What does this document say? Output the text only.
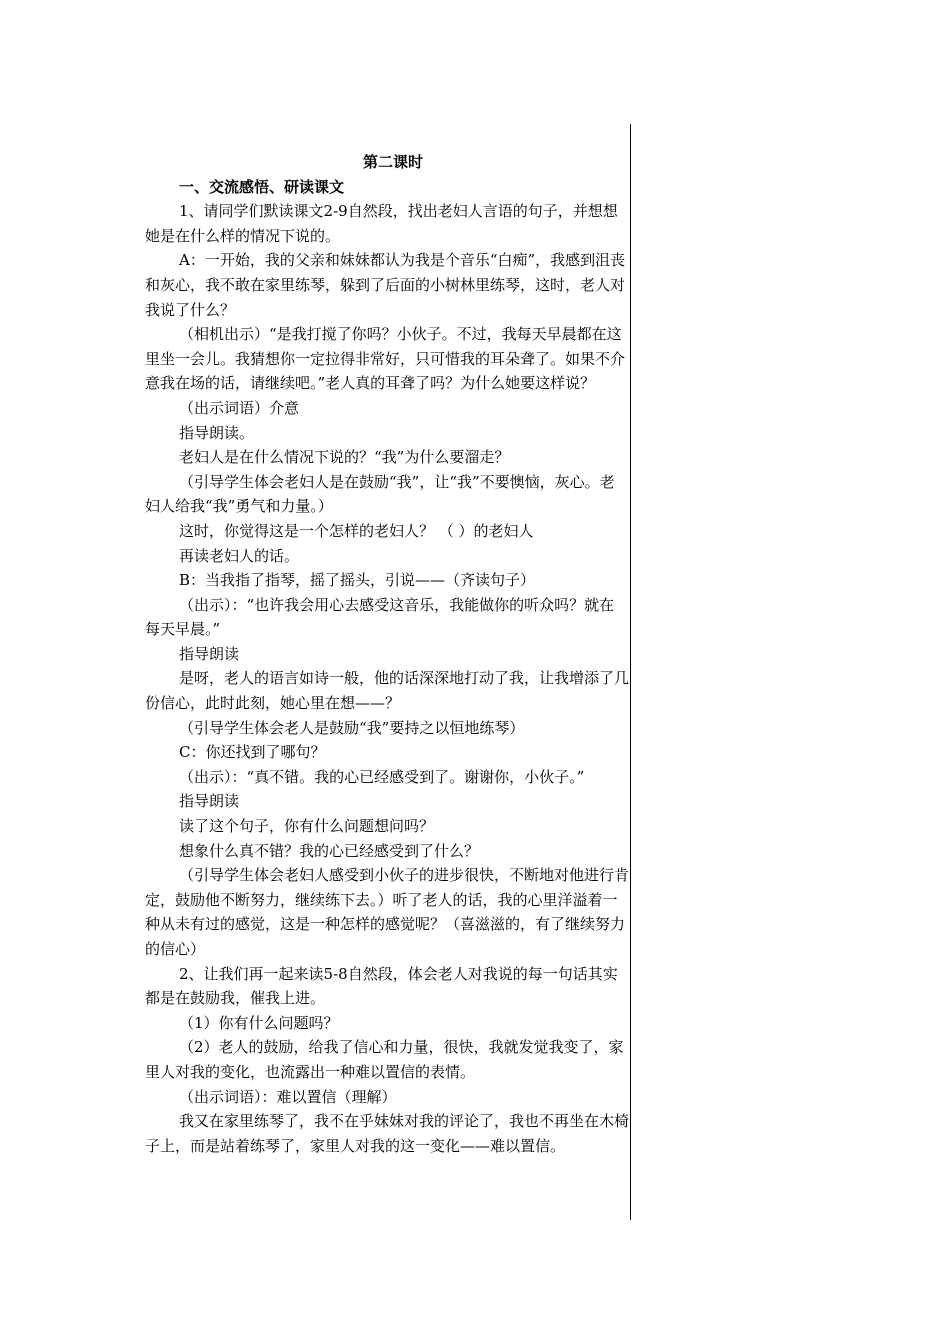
第二课时

一、交流感悟、研读课文

1、请同学们默读课文2-9自然段，找出老妇人言语的句子，并想想她是在什么样的情况下说的。

A：一开始，我的父亲和妹妹都认为我是个音乐“白痴”，我感到沮丧和灰心，我不敢在家里练琴，躲到了后面的小树林里练琴，这时，老人对我说了什么？

（相机出示）“是我打搅了你吗？小伙子。不过，我每天早晨都在这里坐一会儿。我猜想你一定拉得非常好，只可惜我的耳朵聋了。如果不介意我在场的话，请继续吧。”老人真的耳聋了吗？为什么她要这样说？

（出示词语）介意

指导朗读。

老妇人是在什么情况下说的？“我”为什么要溜走？

（引导学生体会老妇人是在鼓励“我”，让“我”不要懊恼，灰心。老妇人给我“我”勇气和力量。）

这时，你觉得这是一个怎样的老妇人？ （ ）的老妇人

再读老妇人的话。

B：当我指了指琴，摇了摇头，引说——（齐读句子）

（出示）：“也许我会用心去感受这音乐，我能做你的听众吗？就在每天早晨。”

指导朗读

是呀，老人的语言如诗一般，他的话深深地打动了我，让我增添了几份信心，此时此刻，她心里在想——？

（引导学生体会老人是鼓励“我”要持之以恒地练琴）

C：你还找到了哪句？

（出示）：“真不错。我的心已经感受到了。谢谢你，小伙子。”

指导朗读

读了这个句子，你有什么问题想问吗？

想象什么真不错？我的心已经感受到了什么？

（引导学生体会老妇人感受到小伙子的进步很快，不断地对他进行肯定，鼓励他不断努力，继续练下去。）听了老人的话，我的心里洋溢着一种从未有过的感觉，这是一种怎样的感觉呢？（喜滋滋的，有了继续努力的信心）

2、让我们再一起来读5-8自然段，体会老人对我说的每一句话其实都是在鼓励我，催我上进。

（1）你有什么问题吗？

（2）老人的鼓励，给我了信心和力量，很快，我就发觉我变了，家里人对我的变化，也流露出一种难以置信的表情。

（出示词语）：难以置信（理解）

我又在家里练琴了，我不在乎妹妹对我的评论了，我也不再坐在木椅子上，而是站着练琴了，家里人对我的这一变化——难以置信。
